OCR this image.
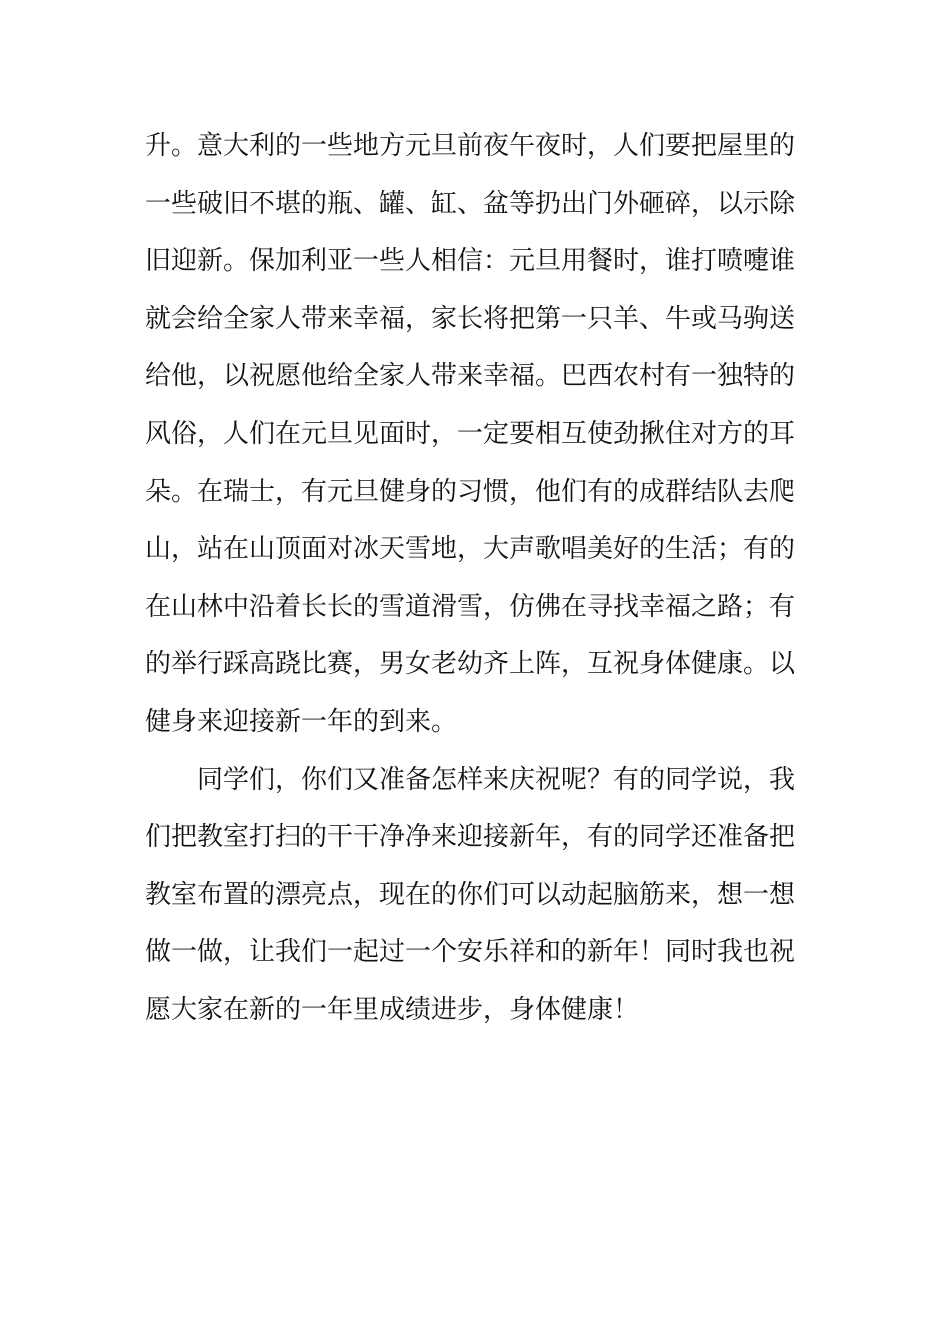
升。意大利的一些地方元旦前夜午夜时，人们要把屋里的
一些破旧不堪的瓶、罐、缸、盆等扔出门外砸碎，以示除
旧迎新。保加利亚一些人相信：元旦用餐时，谁打喷嚏谁
就会给全家人带来幸福，家长将把第一只羊、牛或马驹送
给他，以祝愿他给全家人带来幸福。巴西农村有一独特的
风俗，人们在元旦见面时，一定要相互使劲揪住对方的耳
朵。在瑞士，有元旦健身的习惯，他们有的成群结队去爬
山，站在山顶面对冰天雪地，大声歌唱美好的生活；有的
在山林中沿着长长的雪道滑雪，仿佛在寻找幸福之路；有
的举行踩高跷比赛，男女老幼齐上阵，互祝身体健康。以
健身来迎接新一年的到来。
同学们，你们又准备怎样来庆祝呢？有的同学说，我
们把教室打扫的干干净净来迎接新年，有的同学还准备把
教室布置的漂亮点，现在的你们可以动起脑筋来，想一想
做一做，让我们一起过一个安乐祥和的新年！同时我也祝
愿大家在新的一年里成绩进步，身体健康！
